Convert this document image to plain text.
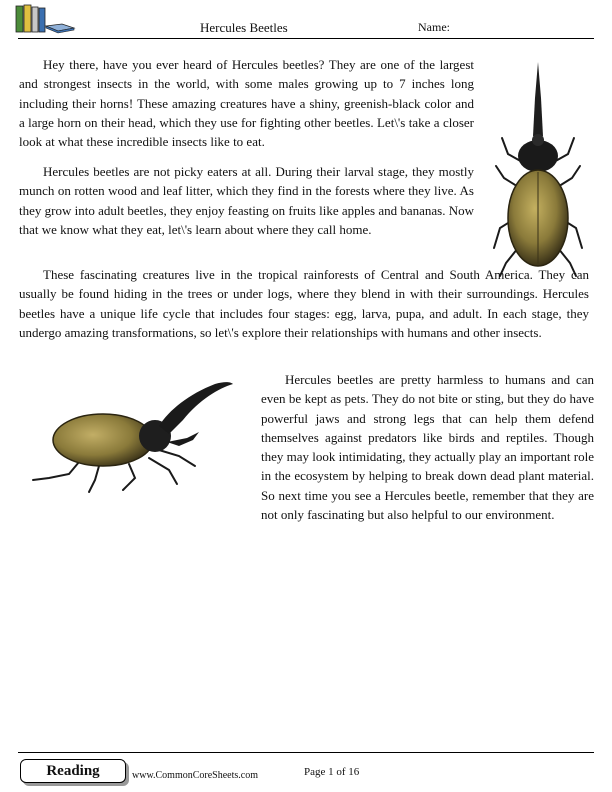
Hercules Beetles	Name:

Hey there, have you ever heard of Hercules beetles? They are one of the largest and strongest insects in the world, with some males growing up to 7 inches long including their horns! These amazing creatures have a shiny, greenish-black color and a large horn on their head, which they use for fighting other beetles. Let\'s take a closer look at what these incredible insects like to eat.

Hercules beetles are not picky eaters at all. During their larval stage, they mostly munch on rotten wood and leaf litter, which they find in the forests where they live. As they grow into adult beetles, they enjoy feasting on fruits like apples and bananas. Now that we know what they eat, let\'s learn about where they call home.

These fascinating creatures live in the tropical rainforests of Central and South America. They can usually be found hiding in the trees or under logs, where they blend in with their surroundings. Hercules beetles have a unique life cycle that includes four stages: egg, larva, pupa, and adult. In each stage, they undergo amazing transformations, so let\'s explore their relationships with humans and other insects.

Hercules beetles are pretty harmless to humans and can even be kept as pets. They do not bite or sting, but they do have powerful jaws and strong legs that can help them defend themselves against predators like birds and reptiles. Though they may look intimidating, they actually play an important role in the ecosystem by helping to break down dead plant material. So next time you see a Hercules beetle, remember that they are not only fascinating but also helpful to our environment.

Reading	www.CommonCoreSheets.com	Page 1 of 16
